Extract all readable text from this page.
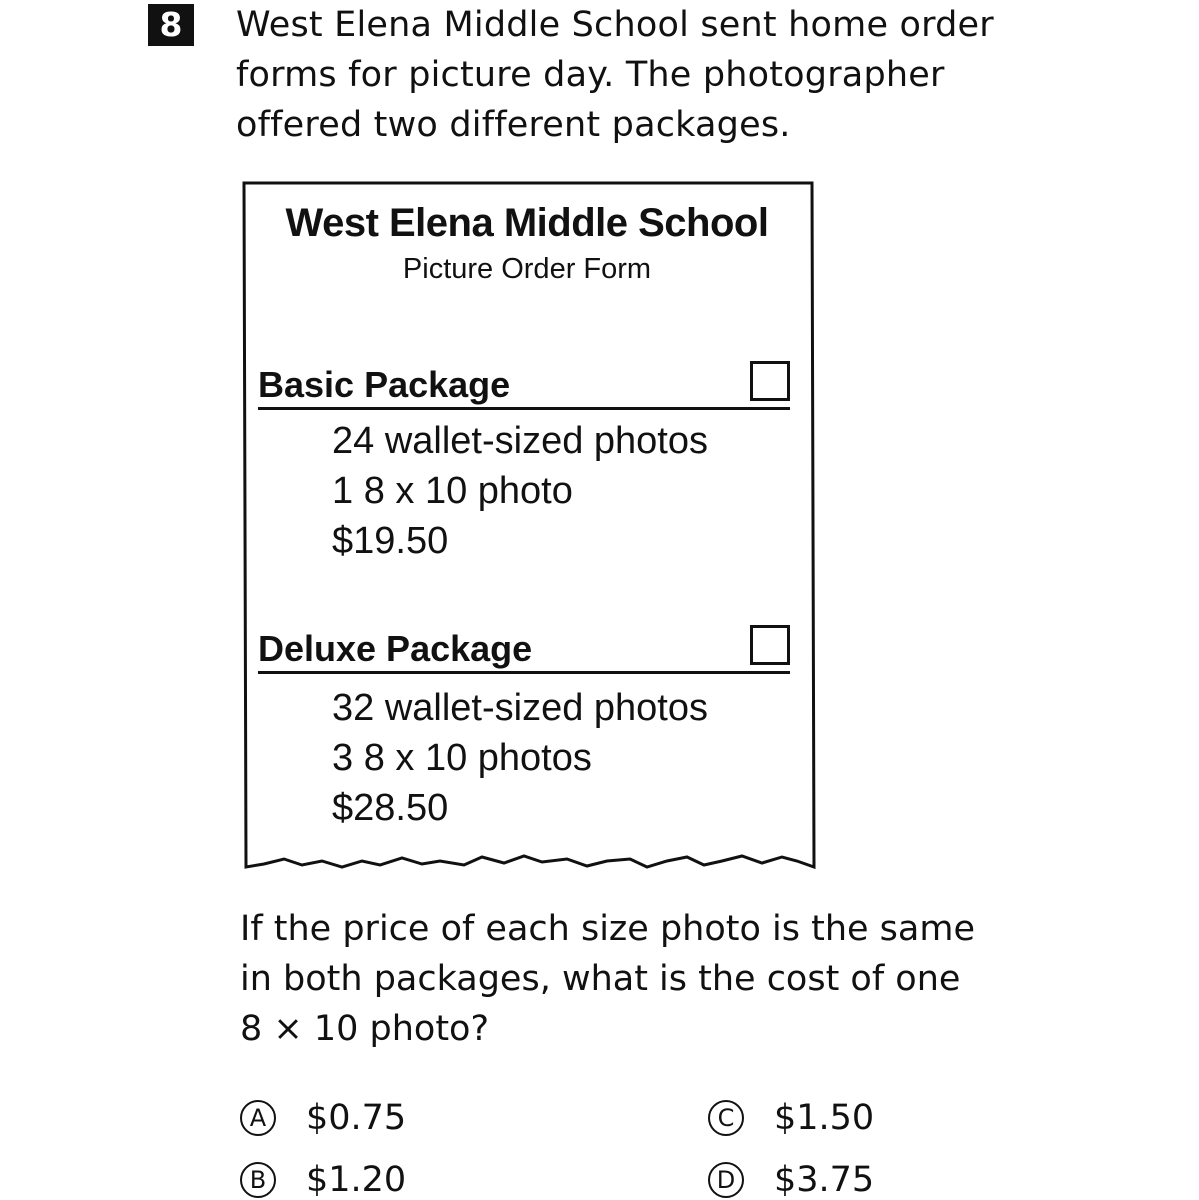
8	West Elena Middle School sent home order
forms for picture day. The photographer
offered two different packages.
West Elena Middle School
Picture Order Form
Basic Package
24 wallet-sized photos
1 8 x 10 photo
$19.50
Deluxe Package
32 wallet-sized photos
3 8 x 10 photos
$28.50
If the price of each size photo is the same
in both packages, what is the cost of one
8 × 10 photo?
A $0.75
B $1.20
C $1.50
D $3.75
